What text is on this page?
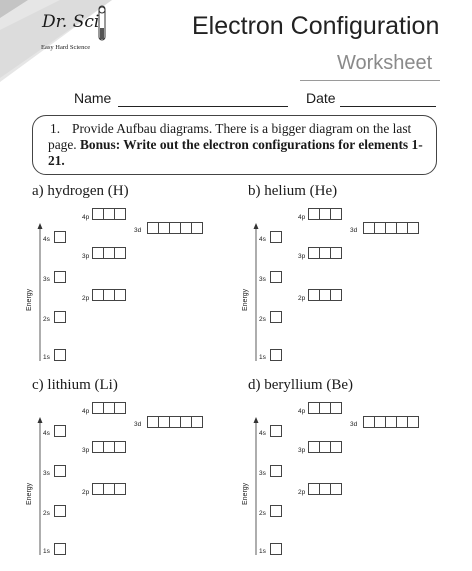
Dr. Sci
Easy Hard Science
Electron Configuration
Worksheet
Name	Date
1. Provide Aufbau diagrams. There is a bigger diagram on the last page. Bonus: Write out the electron configurations for elements 1-21.
a) hydrogen (H)
Energy
1s
2s
2p
3s
3p
4s
3d
4p
b) helium (He)
Energy
1s
2s
2p
3s
3p
4s
3d
4p
c) lithium (Li)
Energy
1s
2s
2p
3s
3p
4s
3d
4p
d) beryllium (Be)
Energy
1s
2s
2p
3s
3p
4s
3d
4p
